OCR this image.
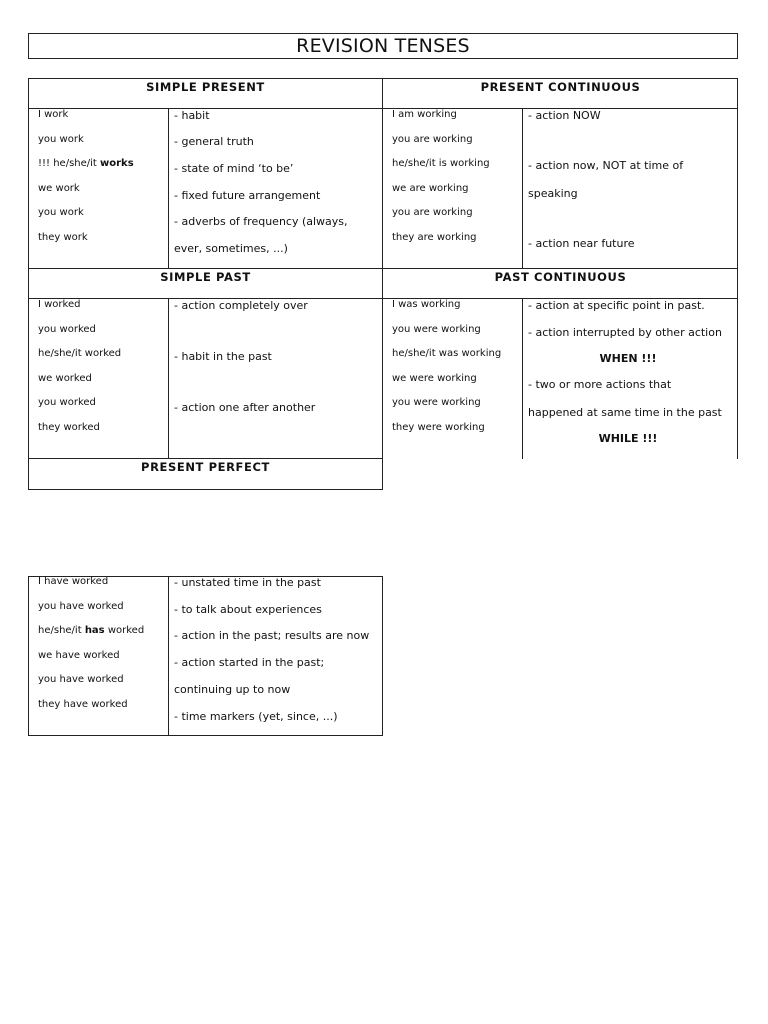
REVISION TENSES
SIMPLE PRESENT	PRESENT CONTINUOUS
I work
you work
!!! he/she/it works
we work
you work
they work
- habit
- general truth
- state of mind ‘to be’
- fixed future arrangement
- adverbs of frequency (always,
ever, sometimes, ...)
I am working
you are working
he/she/it is working
we are working
you are working
they are working
- action NOW
- action now, NOT at time of
speaking
- action near future
SIMPLE PAST	PAST CONTINUOUS
I worked
you worked
he/she/it worked
we worked
you worked
they worked
- action completely over
- habit in the past
- action one after another
I was working
you were working
he/she/it was working
we were working
you were working
they were working
- action at specific point in past.
- action interrupted by other action
WHEN !!!
- two or more actions that
happened at same time in the past
WHILE !!!
PRESENT PERFECT
I have worked
you have worked
he/she/it has worked
we have worked
you have worked
they have worked
- unstated time in the past
- to talk about experiences
- action in the past; results are now
- action started in the past;
continuing up to now
- time markers (yet, since, ...)
